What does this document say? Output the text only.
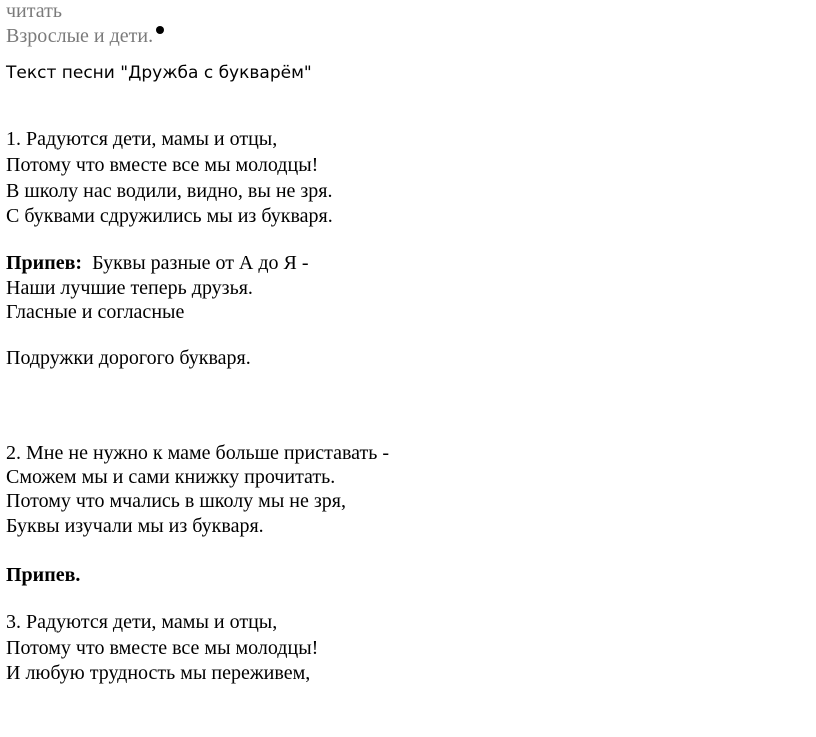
читать
Взрослые и дети.
Текст песни "Дружба с букварём"
1. Радуются дети, мамы и отцы,
Потому что вместе все мы молодцы!
В школу нас водили, видно, вы не зря.
С буквами сдружились мы из букваря.
Припев: Буквы разные от А до Я -
Наши лучшие теперь друзья.
Гласные и согласные
Подружки дорогого букваря.
2. Мне не нужно к маме больше приставать -
Сможем мы и сами книжку прочитать.
Потому что мчались в школу мы не зря,
Буквы изучали мы из букваря.
Припев.
3. Радуются дети, мамы и отцы,
Потому что вместе все мы молодцы!
И любую трудность мы переживем,
